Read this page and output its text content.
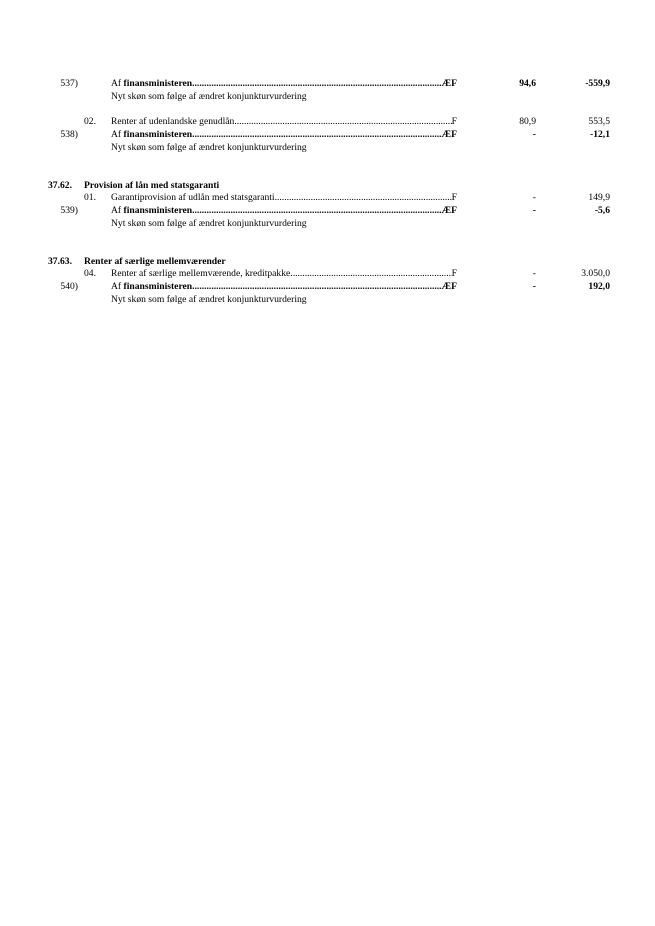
537)	Af finansministeren .....	ÆF	94,6	-559,9
Nyt skøn som følge af ændret konjunkturvurdering
02. Renter af udenlandske genudlån .....	F	80,9	553,5
538)	Af finansministeren .....	ÆF	-	-12,1
Nyt skøn som følge af ændret konjunkturvurdering
37.62. Provision af lån med statsgaranti
01. Garantiprovision af udlån med statsgaranti .....	F	-	149,9
539)	Af finansministeren .....	ÆF	-	-5,6
Nyt skøn som følge af ændret konjunkturvurdering
37.63. Renter af særlige mellemværender
04. Renter af særlige mellemværende, kreditpakke .....	F	-	3.050,0
540)	Af finansministeren .....	ÆF	-	192,0
Nyt skøn som følge af ændret konjunkturvurdering
